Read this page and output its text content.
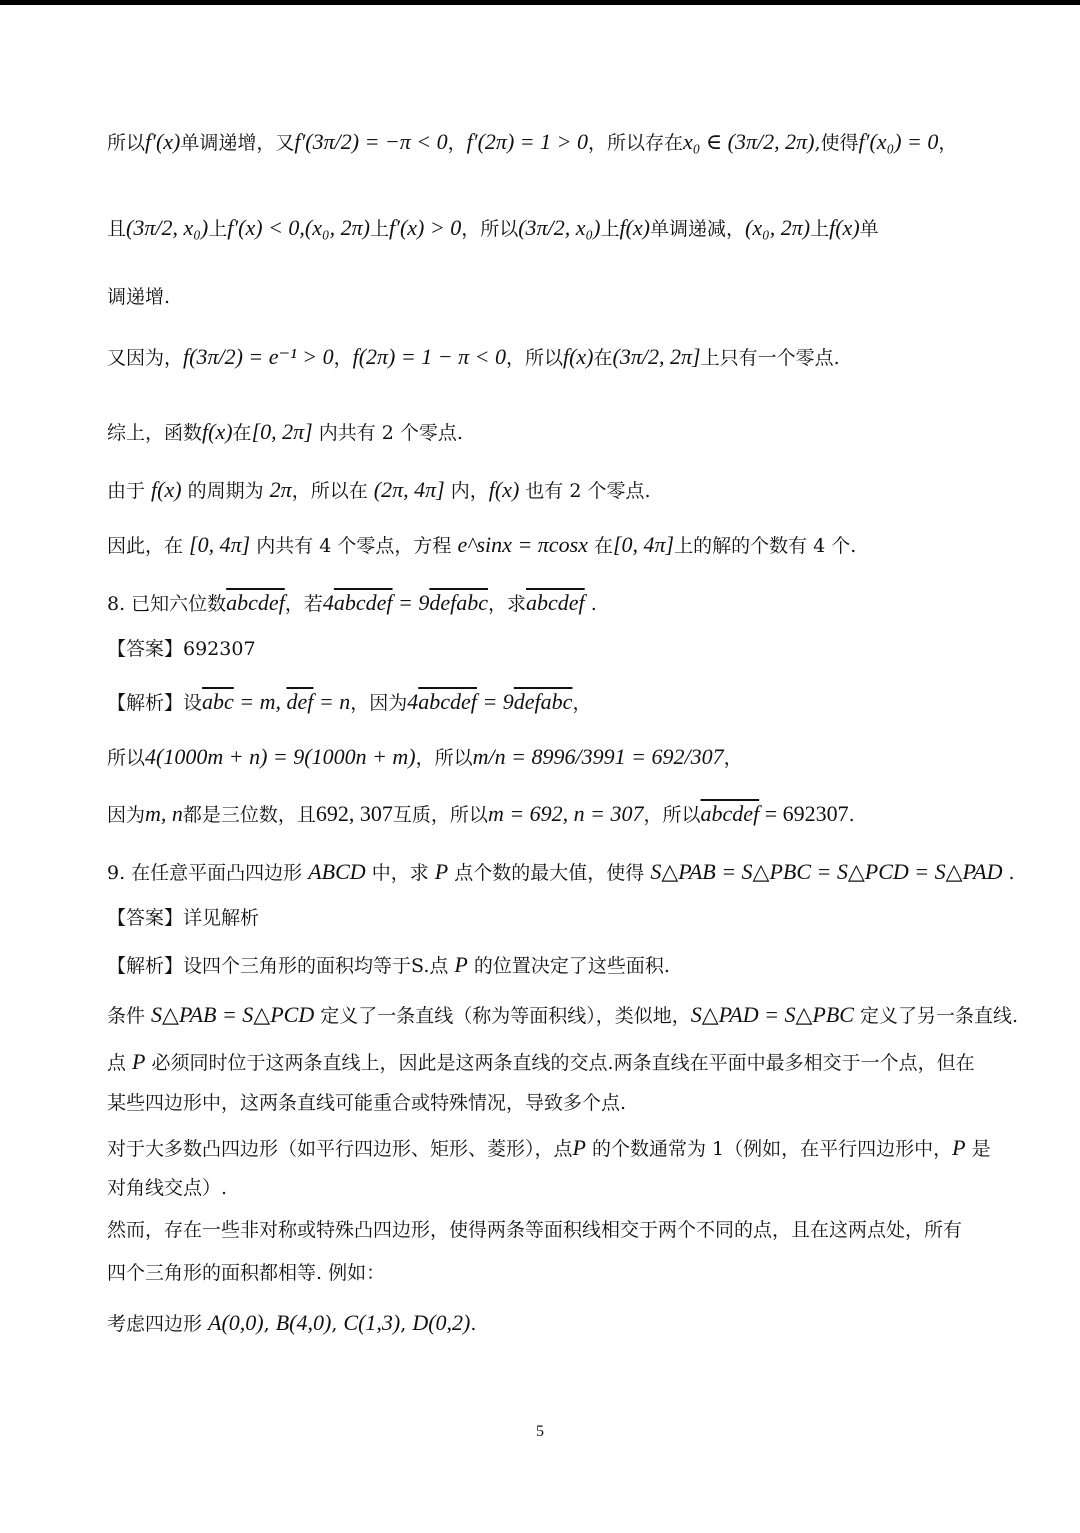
所以f′(x)单调递增，又f′(3π/2) = −π < 0，f′(2π) = 1 > 0，所以存在x₀ ∈ (3π/2, 2π),使得f′(x₀) = 0，
且(3π/2, x₀)上f′(x) < 0,(x₀, 2π)上f′(x) > 0，所以(3π/2, x₀)上f(x)单调递减，(x₀, 2π)上f(x)单
调递增.
又因为，f(3π/2) = e⁻¹ > 0，f(2π) = 1 − π < 0，所以f(x)在(3π/2, 2π]上只有一个零点.
综上，函数f(x)在[0, 2π] 内共有 2 个零点.
由于 f(x) 的周期为 2π，所以在 (2π, 4π] 内，f(x) 也有 2 个零点.
因此，在 [0, 4π] 内共有 4 个零点，方程 e^sinx = πcosx 在[0, 4π]上的解的个数有 4 个.
8. 已知六位数abcdef，若4abcdef = 9defabc，求abcdef .
【答案】692307
【解析】设$\overline{abc} = m$, $\overline{def} = n$，因为4abcdef = 9defabc，
所以4(1000m + n) = 9(1000n + m)，所以m/n = 8996/3991 = 692/307，
因为m, n都是三位数，且692, 307互质，所以m = 692, n = 307，所以abcdef = 692307.
9. 在任意平面凸四边形 ABCD 中，求 P 点个数的最大值，使得 S△PAB = S△PBC = S△PCD = S△PAD .
【答案】详见解析
【解析】设四个三角形的面积均等于S.点 P 的位置决定了这些面积.
条件 S△PAB = S△PCD 定义了一条直线（称为等面积线），类似地，S△PAD = S△PBC 定义了另一条直线.
点 P 必须同时位于这两条直线上，因此是这两条直线的交点.两条直线在平面中最多相交于一个点，但在
某些四边形中，这两条直线可能重合或特殊情况，导致多个点.
对于大多数凸四边形（如平行四边形、矩形、菱形），点P 的个数通常为 1（例如，在平行四边形中，P 是
对角线交点）.
然而，存在一些非对称或特殊凸四边形，使得两条等面积线相交于两个不同的点，且在这两点处，所有
四个三角形的面积都相等. 例如：
考虑四边形 A(0,0), B(4,0), C(1,3), D(0,2).
5
